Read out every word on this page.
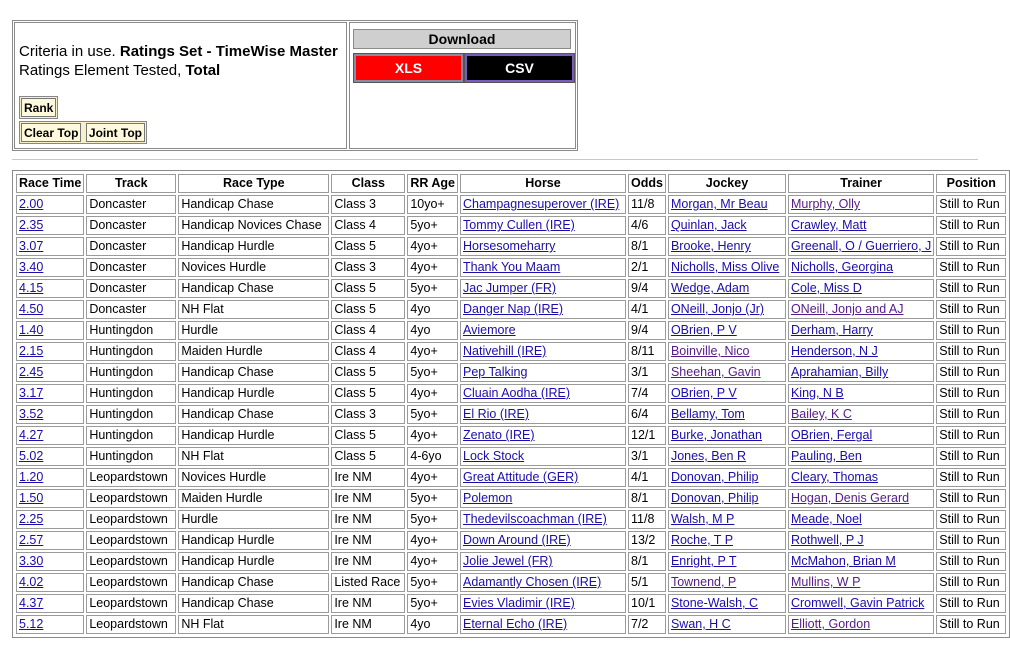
Criteria in use. Ratings Set - TimeWise Master
Ratings Element Tested, Total
Rank
Clear Top Joint Top
Download
XLS	CSV
Race Time	Track	Race Type	Class	RR Age	Horse	Odds	Jockey	Trainer	Position
2.00	Doncaster	Handicap Chase	Class 3	10yo+	Champagnesuperover (IRE)	11/8	Morgan, Mr Beau	Murphy, Olly	Still to Run
2.35	Doncaster	Handicap Novices Chase	Class 4	5yo+	Tommy Cullen (IRE)	4/6	Quinlan, Jack	Crawley, Matt	Still to Run
3.07	Doncaster	Handicap Hurdle	Class 5	4yo+	Horsesomeharry	8/1	Brooke, Henry	Greenall, O / Guerriero, J	Still to Run
3.40	Doncaster	Novices Hurdle	Class 3	4yo+	Thank You Maam	2/1	Nicholls, Miss Olive	Nicholls, Georgina	Still to Run
4.15	Doncaster	Handicap Chase	Class 5	5yo+	Jac Jumper (FR)	9/4	Wedge, Adam	Cole, Miss D	Still to Run
4.50	Doncaster	NH Flat	Class 5	4yo	Danger Nap (IRE)	4/1	ONeill, Jonjo (Jr)	ONeill, Jonjo and AJ	Still to Run
1.40	Huntingdon	Hurdle	Class 4	4yo	Aviemore	9/4	OBrien, P V	Derham, Harry	Still to Run
2.15	Huntingdon	Maiden Hurdle	Class 4	4yo+	Nativehill (IRE)	8/11	Boinville, Nico	Henderson, N J	Still to Run
2.45	Huntingdon	Handicap Chase	Class 5	5yo+	Pep Talking	3/1	Sheehan, Gavin	Aprahamian, Billy	Still to Run
3.17	Huntingdon	Handicap Hurdle	Class 5	4yo+	Cluain Aodha (IRE)	7/4	OBrien, P V	King, N B	Still to Run
3.52	Huntingdon	Handicap Chase	Class 3	5yo+	El Rio (IRE)	6/4	Bellamy, Tom	Bailey, K C	Still to Run
4.27	Huntingdon	Handicap Hurdle	Class 5	4yo+	Zenato (IRE)	12/1	Burke, Jonathan	OBrien, Fergal	Still to Run
5.02	Huntingdon	NH Flat	Class 5	4-6yo	Lock Stock	3/1	Jones, Ben R	Pauling, Ben	Still to Run
1.20	Leopardstown	Novices Hurdle	Ire NM	4yo+	Great Attitude (GER)	4/1	Donovan, Philip	Cleary, Thomas	Still to Run
1.50	Leopardstown	Maiden Hurdle	Ire NM	5yo+	Polemon	8/1	Donovan, Philip	Hogan, Denis Gerard	Still to Run
2.25	Leopardstown	Hurdle	Ire NM	5yo+	Thedevilscoachman (IRE)	11/8	Walsh, M P	Meade, Noel	Still to Run
2.57	Leopardstown	Handicap Hurdle	Ire NM	4yo+	Down Around (IRE)	13/2	Roche, T P	Rothwell, P J	Still to Run
3.30	Leopardstown	Handicap Hurdle	Ire NM	4yo+	Jolie Jewel (FR)	8/1	Enright, P T	McMahon, Brian M	Still to Run
4.02	Leopardstown	Handicap Chase	Listed Race	5yo+	Adamantly Chosen (IRE)	5/1	Townend, P	Mullins, W P	Still to Run
4.37	Leopardstown	Handicap Chase	Ire NM	5yo+	Evies Vladimir (IRE)	10/1	Stone-Walsh, C	Cromwell, Gavin Patrick	Still to Run
5.12	Leopardstown	NH Flat	Ire NM	4yo	Eternal Echo (IRE)	7/2	Swan, H C	Elliott, Gordon	Still to Run
